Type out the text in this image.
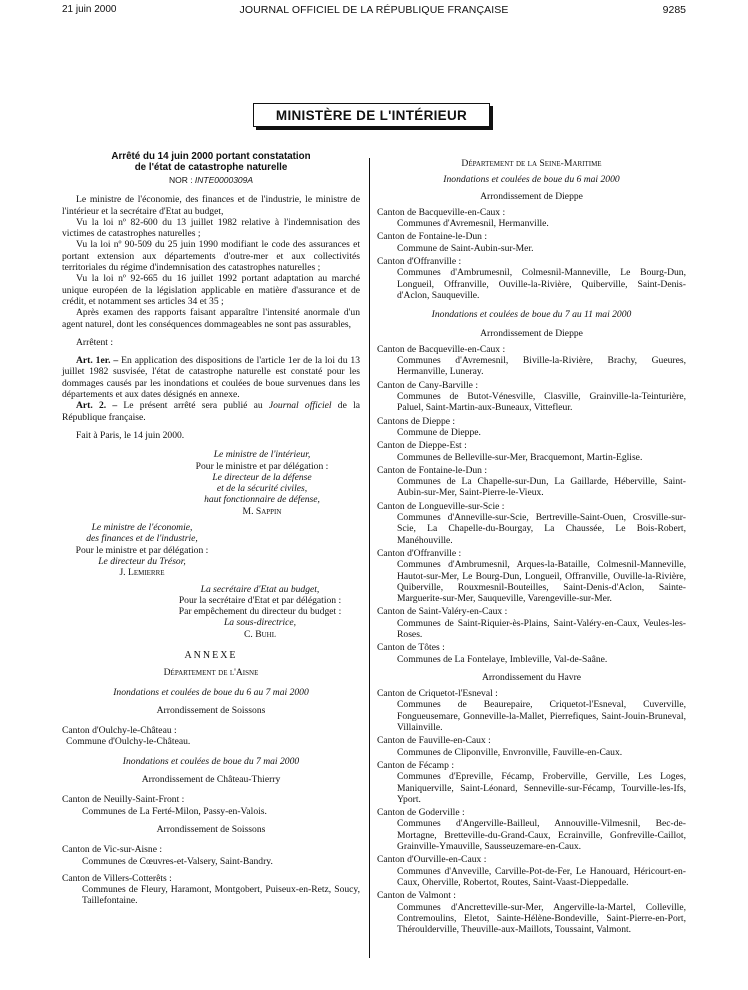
21 juin 2000	JOURNAL OFFICIEL DE LA RÉPUBLIQUE FRANÇAISE	9285
MINISTÈRE DE L'INTÉRIEUR
Arrêté du 14 juin 2000 portant constatation
de l'état de catastrophe naturelle
NOR : INTE0000309A

Le ministre de l'économie, des finances et de l'industrie, le ministre de l'intérieur et la secrétaire d'Etat au budget,

Vu la loi nº 82-600 du 13 juillet 1982 relative à l'indemnisation des victimes de catastrophes naturelles ;

Vu la loi nº 90-509 du 25 juin 1990 modifiant le code des assurances et portant extension aux départements d'outre-mer et aux collectivités territoriales du régime d'indemnisation des catastrophes naturelles ;

Vu la loi nº 92-665 du 16 juillet 1992 portant adaptation au marché unique européen de la législation applicable en matière d'assurance et de crédit, et notamment ses articles 34 et 35 ;

Après examen des rapports faisant apparaître l'intensité anormale d'un agent naturel, dont les conséquences dommageables ne sont pas assurables,

Arrêtent :

Art. 1er. – En application des dispositions de l'article 1er de la loi du 13 juillet 1982 susvisée, l'état de catastrophe naturelle est constaté pour les dommages causés par les inondations et coulées de boue survenues dans les départements et aux dates désignés en annexe.

Art. 2. – Le présent arrêté sera publié au Journal officiel de la République française.

Fait à Paris, le 14 juin 2000.

Le ministre de l'intérieur,
Pour le ministre et par délégation :
Le directeur de la défense
et de la sécurité civiles,
haut fonctionnaire de défense,
M. Sappin
Le ministre de l'économie,
des finances et de l'industrie,
Pour le ministre et par délégation :
Le directeur du Trésor,
J. Lemierre
La secrétaire d'Etat au budget,
Pour la secrétaire d'Etat et par délégation :
Par empêchement du directeur du budget :
La sous-directrice,
C. Buhl
ANNEXE
Département de l'Aisne
Inondations et coulées de boue du 6 au 7 mai 2000
Arrondissement de Soissons
Canton d'Oulchy-le-Château :
Commune d'Oulchy-le-Château.
Inondations et coulées de boue du 7 mai 2000
Arrondissement de Château-Thierry
Canton de Neuilly-Saint-Front :
Communes de La Ferté-Milon, Passy-en-Valois.
Arrondissement de Soissons
Canton de Vic-sur-Aisne :
Communes de Cœuvres-et-Valsery, Saint-Bandry.
Canton de Villers-Cotterêts :
Communes de Fleury, Haramont, Montgobert, Puiseux-en-Retz, Soucy, Taillefontaine.
Département de la Seine-Maritime
Inondations et coulées de boue du 6 mai 2000
Arrondissement de Dieppe
Canton de Bacqueville-en-Caux :
Communes d'Avremesnil, Hermanville.
Canton de Fontaine-le-Dun :
Commune de Saint-Aubin-sur-Mer.
Canton d'Offranville :
Communes d'Ambrumesnil, Colmesnil-Manneville, Le Bourg-Dun, Longueil, Offranville, Ouville-la-Rivière, Quiberville, Saint-Denis-d'Aclon, Sauqueville.
Inondations et coulées de boue du 7 au 11 mai 2000
Arrondissement de Dieppe
Canton de Bacqueville-en-Caux :
Communes d'Avremesnil, Biville-la-Rivière, Brachy, Gueures, Hermanville, Luneray.
Canton de Cany-Barville :
Communes de Butot-Vénesville, Clasville, Grainville-la-Teinturière, Paluel, Saint-Martin-aux-Buneaux, Vittefleur.
Cantons de Dieppe :
Commune de Dieppe.
Canton de Dieppe-Est :
Communes de Belleville-sur-Mer, Bracquemont, Martin-Eglise.
Canton de Fontaine-le-Dun :
Communes de La Chapelle-sur-Dun, La Gaillarde, Héberville, Saint-Aubin-sur-Mer, Saint-Pierre-le-Vieux.
Canton de Longueville-sur-Scie :
Communes d'Anneville-sur-Scie, Bertreville-Saint-Ouen, Crosville-sur-Scie, La Chapelle-du-Bourgay, La Chaussée, Le Bois-Robert, Manéhouville.
Canton d'Offranville :
Communes d'Ambrumesnil, Arques-la-Bataille, Colmesnil-Manneville, Hautot-sur-Mer, Le Bourg-Dun, Longueil, Offranville, Ouville-la-Rivière, Quiberville, Rouxmesnil-Bouteilles, Saint-Denis-d'Aclon, Sainte-Marguerite-sur-Mer, Sauqueville, Varengeville-sur-Mer.
Canton de Saint-Valéry-en-Caux :
Communes de Saint-Riquier-ès-Plains, Saint-Valéry-en-Caux, Veules-les-Roses.
Canton de Tôtes :
Communes de La Fontelaye, Imbleville, Val-de-Saâne.
Arrondissement du Havre
Canton de Criquetot-l'Esneval :
Communes de Beaurepaire, Criquetot-l'Esneval, Cuverville, Fongueusemare, Gonneville-la-Mallet, Pierrefiques, Saint-Jouin-Bruneval, Villainville.
Canton de Fauville-en-Caux :
Communes de Cliponville, Envronville, Fauville-en-Caux.
Canton de Fécamp :
Communes d'Epreville, Fécamp, Froberville, Gerville, Les Loges, Maniquerville, Saint-Léonard, Senneville-sur-Fécamp, Tourville-les-Ifs, Yport.
Canton de Goderville :
Communes d'Angerville-Bailleul, Annouville-Vilmesnil, Bec-de-Mortagne, Bretteville-du-Grand-Caux, Ecrainville, Gonfreville-Caillot, Grainville-Ymauville, Sausseuzemare-en-Caux.
Canton d'Ourville-en-Caux :
Communes d'Anveville, Carville-Pot-de-Fer, Le Hanouard, Héricourt-en-Caux, Oherville, Robertot, Routes, Saint-Vaast-Dieppedalle.
Canton de Valmont :
Communes d'Ancretteville-sur-Mer, Angerville-la-Martel, Colleville, Contremoulins, Eletot, Sainte-Hélène-Bondeville, Saint-Pierre-en-Port, Théroulderville, Theuville-aux-Maillots, Toussaint, Valmont.
